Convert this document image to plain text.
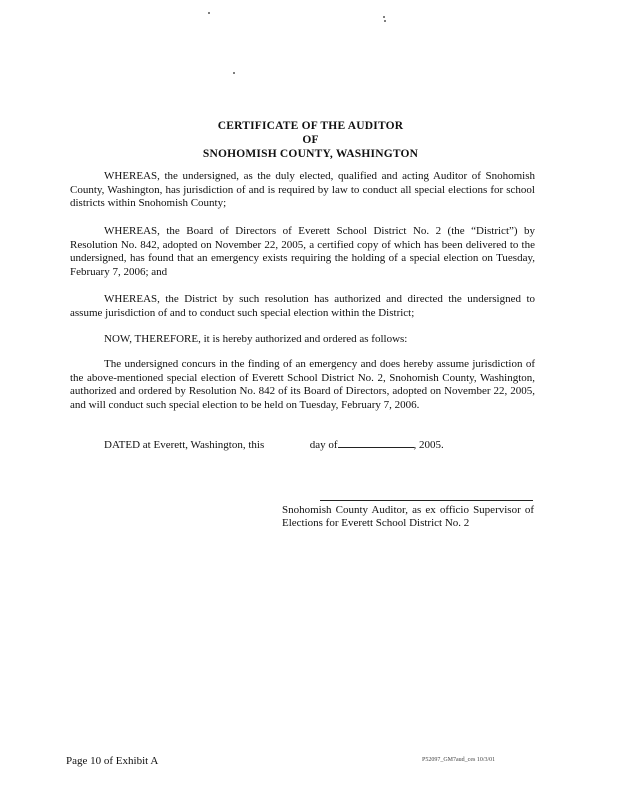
CERTIFICATE OF THE AUDITOR
OF
SNOHOMISH COUNTY, WASHINGTON

WHEREAS, the undersigned, as the duly elected, qualified and acting Auditor of Snohomish County, Washington, has jurisdiction of and is required by law to conduct all special elections for school districts within Snohomish County;

WHEREAS, the Board of Directors of Everett School District No. 2 (the “District”) by Resolution No. 842, adopted on November 22, 2005, a certified copy of which has been delivered to the undersigned, has found that an emergency exists requiring the holding of a special election on Tuesday, February 7, 2006; and

WHEREAS, the District by such resolution has authorized and directed the undersigned to assume jurisdiction of and to conduct such special election within the District;

NOW, THEREFORE, it is hereby authorized and ordered as follows:

The undersigned concurs in the finding of an emergency and does hereby assume jurisdiction of the above-mentioned special election of Everett School District No. 2, Snohomish County, Washington, authorized and ordered by Resolution No. 842 of its Board of Directors, adopted on November 22, 2005, and will conduct such special election to be held on Tuesday, February 7, 2006.

DATED at Everett, Washington, this	day of	, 2005.
Snohomish County Auditor, as ex officio Supervisor of Elections for Everett School District No. 2
Page 10 of Exhibit A	P52097_GM7aud_ces 10/3/01
